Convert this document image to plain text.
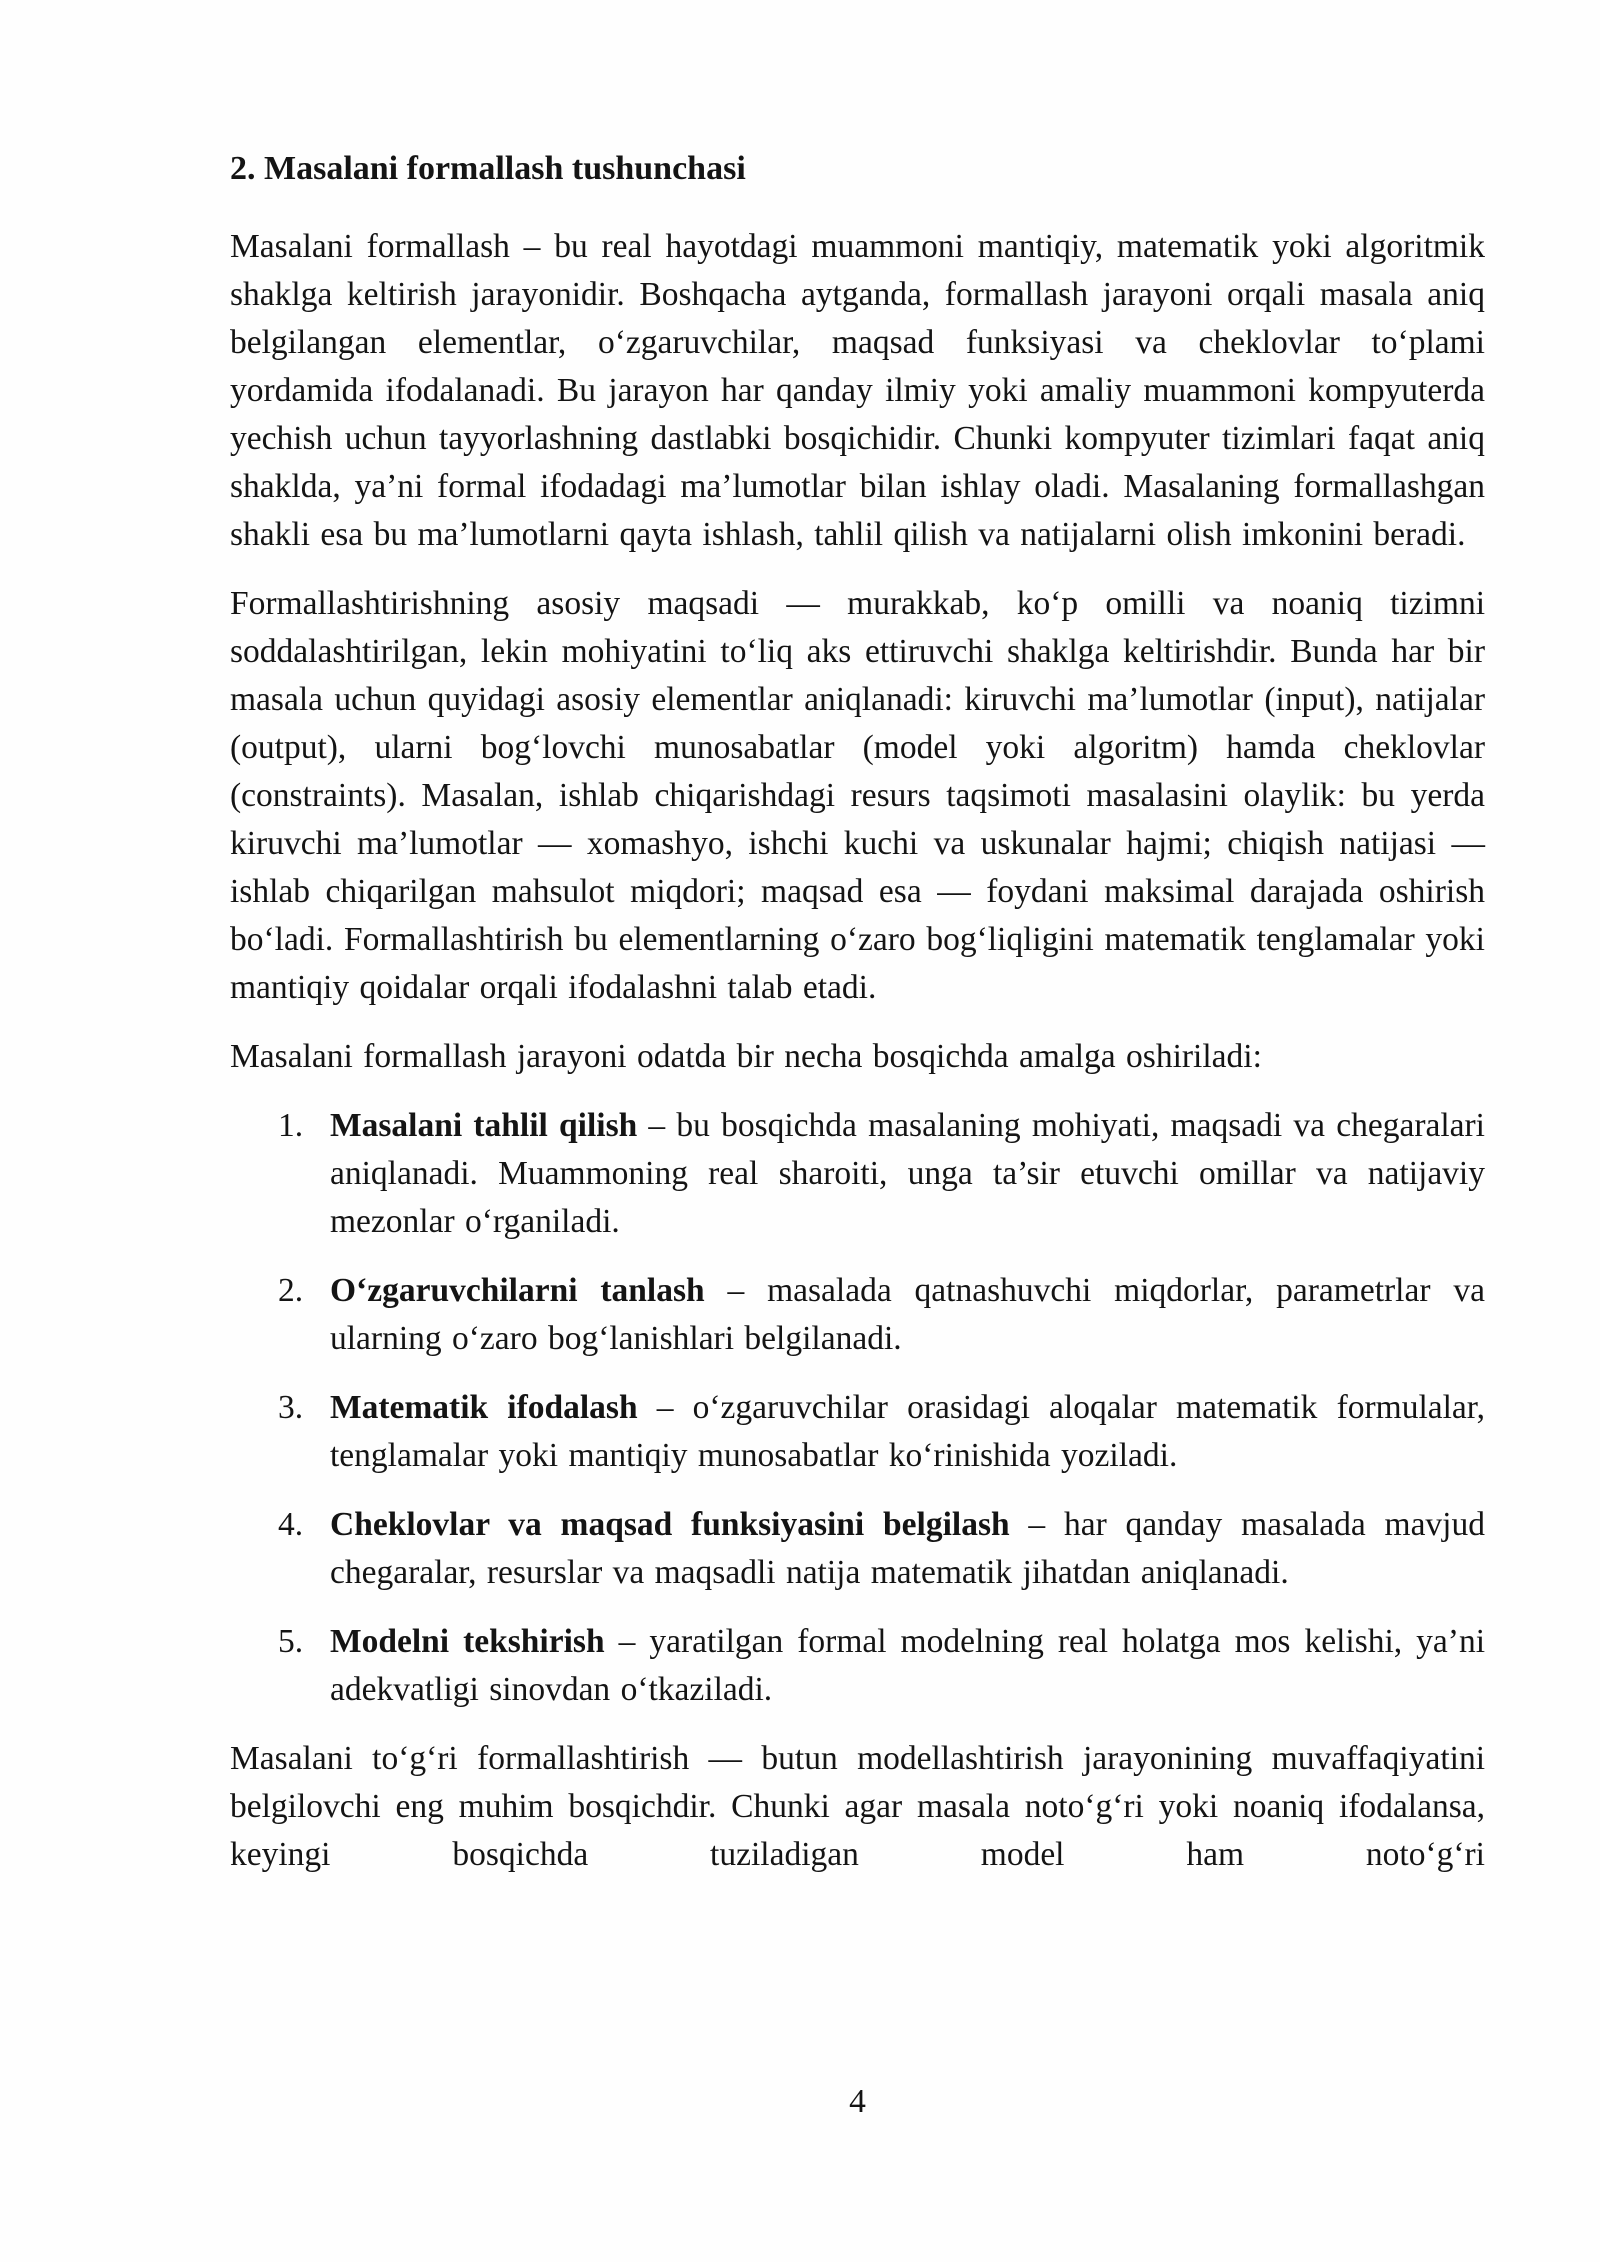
2. Masalani formallash tushunchasi

Masalani formallash – bu real hayotdagi muammoni mantiqiy, matematik yoki algoritmik shaklga keltirish jarayonidir. Boshqacha aytganda, formallash jarayoni orqali masala aniq belgilangan elementlar, o‘zgaruvchilar, maqsad funksiyasi va cheklovlar to‘plami yordamida ifodalanadi. Bu jarayon har qanday ilmiy yoki amaliy muammoni kompyuterda yechish uchun tayyorlashning dastlabki bosqichidir. Chunki kompyuter tizimlari faqat aniq shaklda, ya’ni formal ifodadagi ma’lumotlar bilan ishlay oladi. Masalaning formallashgan shakli esa bu ma’lumotlarni qayta ishlash, tahlil qilish va natijalarni olish imkonini beradi.

Formallashtirishning asosiy maqsadi — murakkab, ko‘p omilli va noaniq tizimni soddalashtirilgan, lekin mohiyatini to‘liq aks ettiruvchi shaklga keltirishdir. Bunda har bir masala uchun quyidagi asosiy elementlar aniqlanadi: kiruvchi ma’lumotlar (input), natijalar (output), ularni bog‘lovchi munosabatlar (model yoki algoritm) hamda cheklovlar (constraints). Masalan, ishlab chiqarishdagi resurs taqsimoti masalasini olaylik: bu yerda kiruvchi ma’lumotlar — xomashyo, ishchi kuchi va uskunalar hajmi; chiqish natijasi — ishlab chiqarilgan mahsulot miqdori; maqsad esa — foydani maksimal darajada oshirish bo‘ladi. Formallashtirish bu elementlarning o‘zaro bog‘liqligini matematik tenglamalar yoki mantiqiy qoidalar orqali ifodalashni talab etadi.

Masalani formallash jarayoni odatda bir necha bosqichda amalga oshiriladi:

1. Masalani tahlil qilish – bu bosqichda masalaning mohiyati, maqsadi va chegaralari aniqlanadi. Muammoning real sharoiti, unga ta’sir etuvchi omillar va natijaviy mezonlar o‘rganiladi.
2. O‘zgaruvchilarni tanlash – masalada qatnashuvchi miqdorlar, parametrlar va ularning o‘zaro bog‘lanishlari belgilanadi.
3. Matematik ifodalash – o‘zgaruvchilar orasidagi aloqalar matematik formulalar, tenglamalar yoki mantiqiy munosabatlar ko‘rinishida yoziladi.
4. Cheklovlar va maqsad funksiyasini belgilash – har qanday masalada mavjud chegaralar, resurslar va maqsadli natija matematik jihatdan aniqlanadi.
5. Modelni tekshirish – yaratilgan formal modelning real holatga mos kelishi, ya’ni adekvatligi sinovdan o‘tkaziladi.

Masalani to‘g‘ri formallashtirish — butun modellashtirish jarayonining muvaffaqiyatini belgilovchi eng muhim bosqichdir. Chunki agar masala noto‘g‘ri yoki noaniq ifodalansa, keyingi bosqichda tuziladigan model ham noto‘g‘ri

4
